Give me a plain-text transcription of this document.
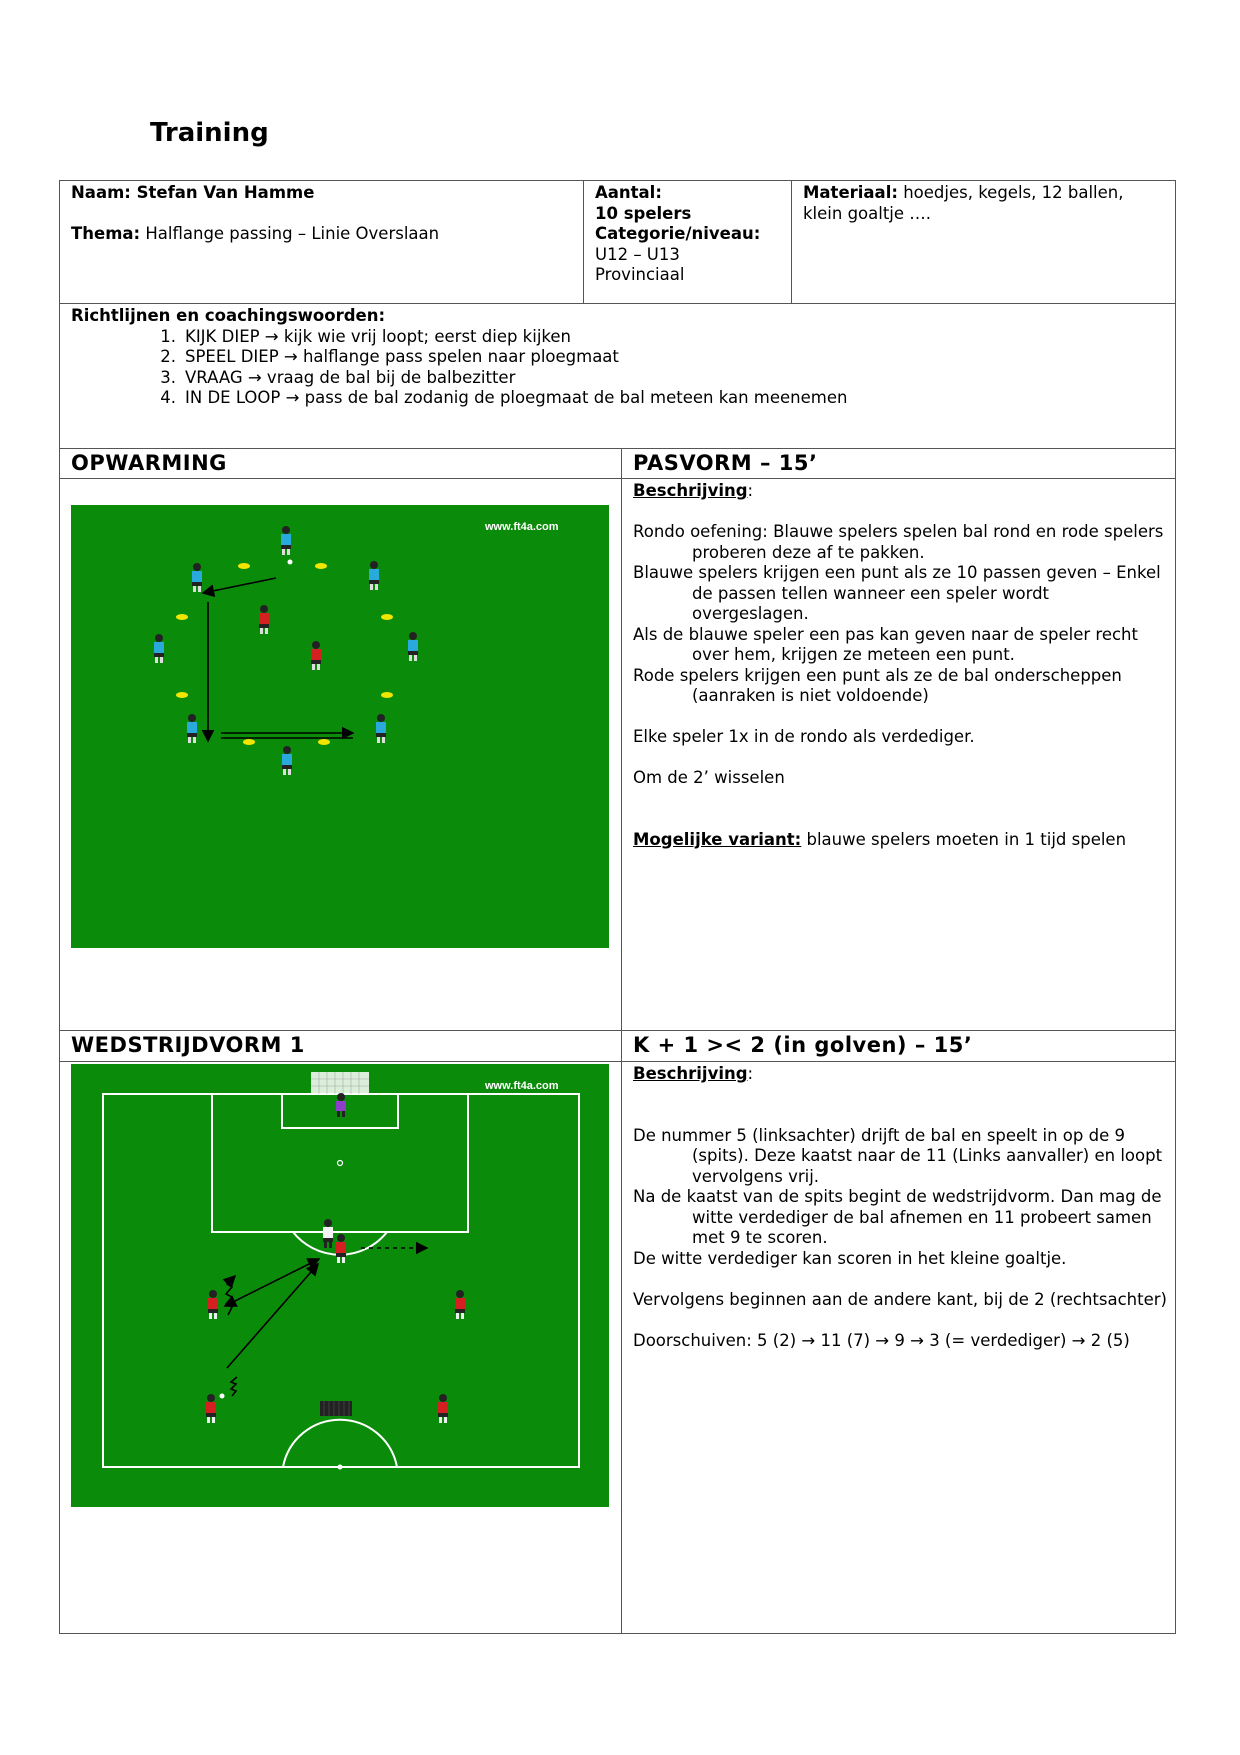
Training
Naam: Stefan Van Hamme
Thema: Halflange passing – Linie Overslaan
Aantal:
10 spelers
Categorie/niveau:
U12 – U13
Provinciaal
Materiaal: hoedjes, kegels, 12 ballen,
klein goaltje ….
Richtlijnen en coachingswoorden:
1. KIJK DIEP → kijk wie vrij loopt; eerst diep kijken
2. SPEEL DIEP → halflange pass spelen naar ploegmaat
3. VRAAG → vraag de bal bij de balbezitter
4. IN DE LOOP → pass de bal zodanig de ploegmaat de bal meteen kan meenemen
OPWARMING	PASVORM – 15’
www.ft4a.com
Beschrijving:

Rondo oefening: Blauwe spelers spelen bal rond en rode spelers proberen deze af te pakken.

Blauwe spelers krijgen een punt als ze 10 passen geven – Enkel de passen tellen wanneer een speler wordt overgeslagen.

Als de blauwe speler een pas kan geven naar de speler recht over hem, krijgen ze meteen een punt.

Rode spelers krijgen een punt als ze de bal onderscheppen (aanraken is niet voldoende)

Elke speler 1x in de rondo als verdediger.

Om de 2’ wisselen

Mogelijke variant: blauwe spelers moeten in 1 tijd spelen
WEDSTRIJDVORM 1	K + 1 >< 2 (in golven) – 15’
www.ft4a.com
Beschrijving:

De nummer 5 (linksachter) drijft de bal en speelt in op de 9 (spits). Deze kaatst naar de 11 (Links aanvaller) en loopt vervolgens vrij.

Na de kaatst van de spits begint de wedstrijdvorm. Dan mag de witte verdediger de bal afnemen en 11 probeert samen met 9 te scoren.

De witte verdediger kan scoren in het kleine goaltje.

Vervolgens beginnen aan de andere kant, bij de 2 (rechtsachter)

Doorschuiven: 5 (2) → 11 (7) → 9 → 3 (= verdediger) → 2 (5)
